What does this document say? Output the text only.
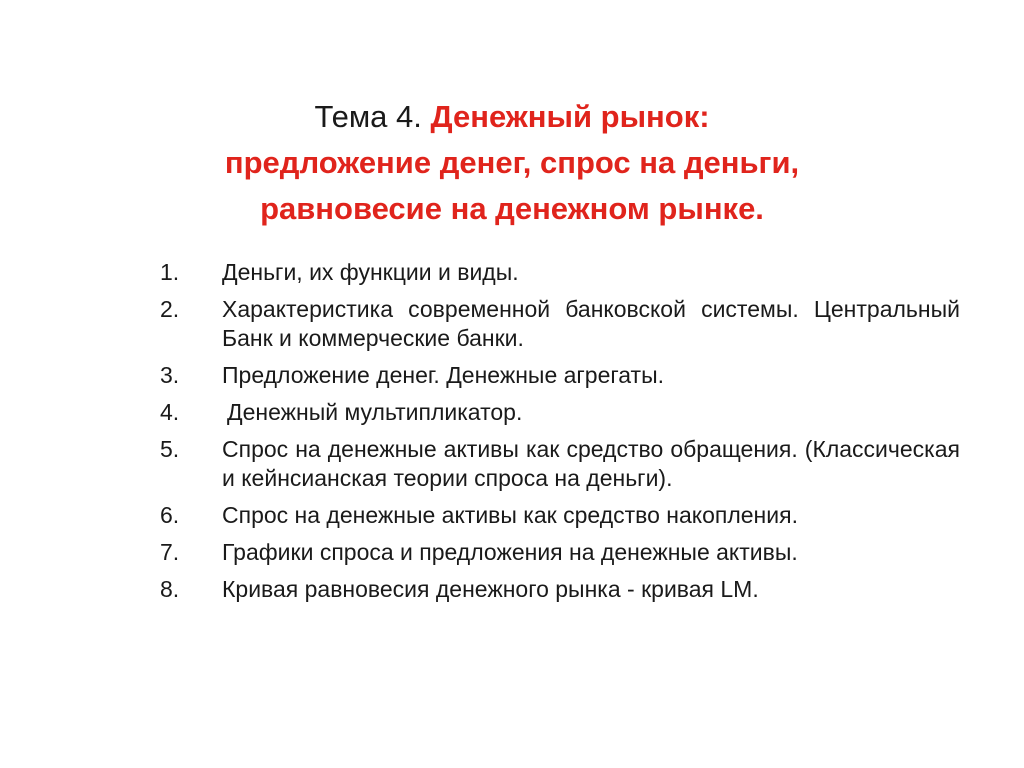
Тема 4. Денежный рынок:
предложение денег, спрос на деньги,
равновесие на денежном рынке.
1.	Деньги, их функции и виды.
2.	Характеристика современной банковской системы. Центральный Банк и коммерческие банки.
3.	Предложение денег. Денежные агрегаты.
4.	Денежный мультипликатор.
5.	Спрос на денежные активы как средство обращения. (Классическая и кейнсианская теории спроса на деньги).
6.	Спрос на денежные активы как средство накопления.
7.	Графики спроса и предложения на денежные активы.
8.	Кривая равновесия денежного рынка - кривая LM.
